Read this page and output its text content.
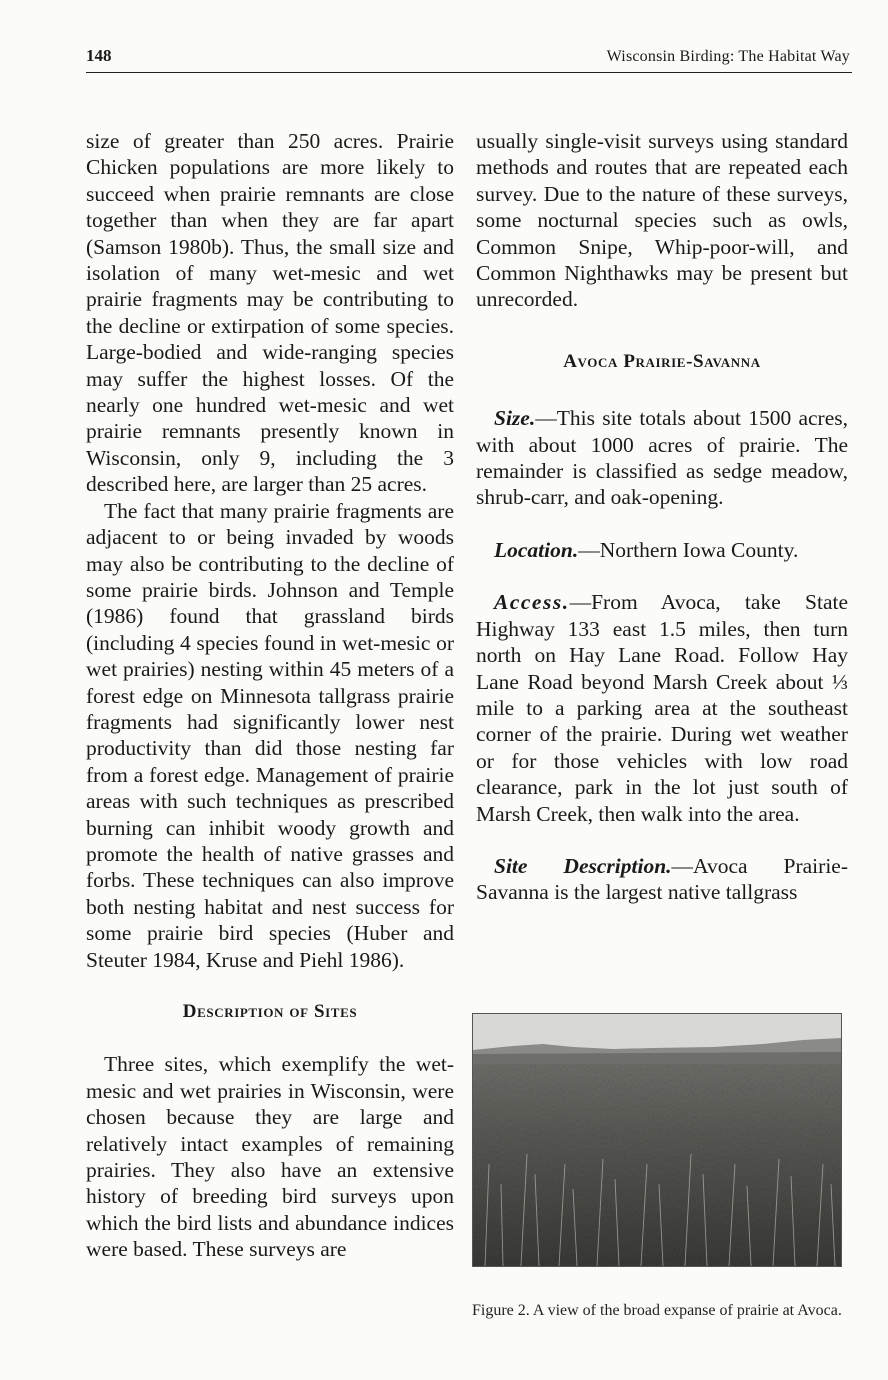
148	Wisconsin Birding: The Habitat Way

size of greater than 250 acres. Prairie Chicken populations are more likely to succeed when prairie remnants are close together than when they are far apart (Samson 1980b). Thus, the small size and isolation of many wet-mesic and wet prairie fragments may be contributing to the decline or extirpation of some species. Large-bodied and wide-ranging species may suffer the highest losses. Of the nearly one hundred wet-mesic and wet prairie remnants presently known in Wisconsin, only 9, including the 3 described here, are larger than 25 acres.

The fact that many prairie fragments are adjacent to or being invaded by woods may also be contributing to the decline of some prairie birds. Johnson and Temple (1986) found that grassland birds (including 4 species found in wet-mesic or wet prairies) nesting within 45 meters of a forest edge on Minnesota tallgrass prairie fragments had significantly lower nest productivity than did those nesting far from a forest edge. Management of prairie areas with such techniques as prescribed burning can inhibit woody growth and promote the health of native grasses and forbs. These techniques can also improve both nesting habitat and nest success for some prairie bird species (Huber and Steuter 1984, Kruse and Piehl 1986).

Description of Sites

Three sites, which exemplify the wet-mesic and wet prairies in Wisconsin, were chosen because they are large and relatively intact examples of remaining prairies. They also have an extensive history of breeding bird surveys upon which the bird lists and abundance indices were based. These surveys are

usually single-visit surveys using standard methods and routes that are repeated each survey. Due to the nature of these surveys, some nocturnal species such as owls, Common Snipe, Whip-poor-will, and Common Nighthawks may be present but unrecorded.

Avoca Prairie-Savanna

Size.—This site totals about 1500 acres, with about 1000 acres of prairie. The remainder is classified as sedge meadow, shrub-carr, and oak-opening.

Location.—Northern Iowa County.

Access.—From Avoca, take State Highway 133 east 1.5 miles, then turn north on Hay Lane Road. Follow Hay Lane Road beyond Marsh Creek about ⅓ mile to a parking area at the southeast corner of the prairie. During wet weather or for those vehicles with low road clearance, park in the lot just south of Marsh Creek, then walk into the area.

Site Description.—Avoca Prairie-Savanna is the largest native tallgrass

Figure 2. A view of the broad expanse of prairie at Avoca.
